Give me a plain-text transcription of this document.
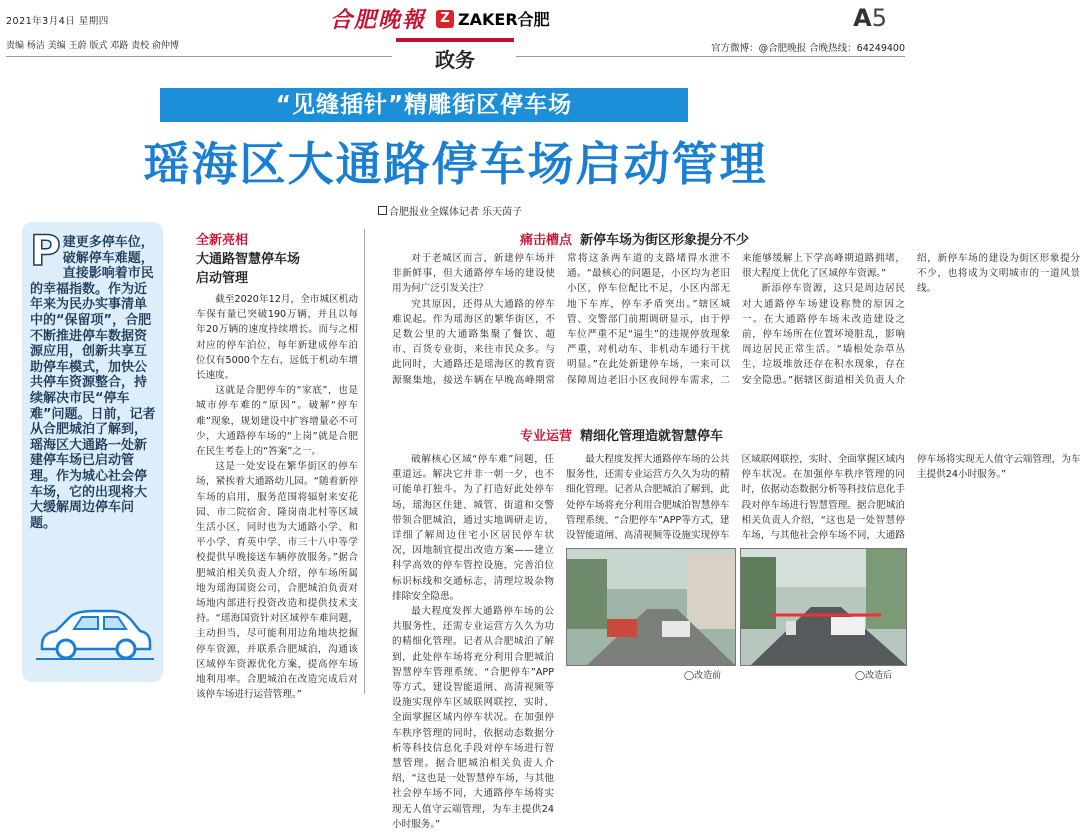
2021年3月4日 星期四	合肥晚報	Z ZAKER合肥	A5
责编 杨洁 美编 王蔚 版式 邓路 责校 俞仲博
政务	官方微博：@合肥晚报 合晚热线：64249400
“见缝插针”精雕街区停车场
瑶海区大通路停车场启动管理
合肥报业全媒体记者 乐天茵子
P 建更多停车位，破解停车难题，直接影响着市民的幸福指数。作为近年来为民办实事清单中的“保留项”，合肥不断推进停车数据资源应用，创新共享互助停车模式，加快公共停车资源整合，持续解决市民“停车难”问题。日前，记者从合肥城泊了解到，瑶海区大通路一处新建停车场已启动管理。作为城心社会停车场，它的出现将大大缓解周边停车问题。
全新亮相
大通路智慧停车场
启动管理

截至2020年12月，全市城区机动车保有量已突破190万辆，并且以每年20万辆的速度持续增长。而与之相对应的停车泊位，每年新建成停车泊位仅有5000个左右，远低于机动车增长速度。

这就是合肥停车的“家底”，也是城市停车难的“原因”。破解“停车难”现象，规划建设中扩容增量必不可少，大通路停车场的“上岗”就是合肥在民生考卷上的“答案”之一。

这是一处安设在繁华街区的停车场，紧挨着大通路幼儿园。“随着新停车场的启用，服务范围将辐射来安花园、市二院宿舍、隆岗南北村等区域生活小区，同时也为大通路小学、和平小学、育英中学、市三十八中等学校提供早晚接送车辆停放服务。”据合肥城泊相关负责人介绍，停车场所属地为瑶海国资公司，合肥城泊负责对场地内部进行投资改造和提供技术支持。“瑶海国资针对区域停车难问题，主动担当，尽可能利用边角地块挖掘停车资源，并联系合肥城泊，沟通该区域停车资源优化方案，提高停车场地利用率。合肥城泊在改造完成后对该停车场进行运营管理。”

痛击槽点 新停车场为街区形象提分不少

对于老城区而言，新建停车场并非新鲜事，但大通路停车场的建设使用为何广泛引发关注？

究其原因，还得从大通路的停车难说起。作为瑶海区的繁华街区，不足数公里的大通路集聚了餐饮、超市、百货专业街，来往市民众多。与此同时，大通路还是瑶海区的教育资源聚集地，接送车辆在早晚高峰期常常将这条两车道的支路堵得水泄不通。“最核心的问题是，小区均为老旧小区，停车位配比不足，小区内部无地下车库，停车矛盾突出。”辖区城管、交警部门前期调研显示，由于停车位严重不足“逼生”的违规停放现象严重，对机动车、非机动车通行干扰明显。”在此处新建停车场，一来可以保障周边老旧小区夜间停车需求，二来能够缓解上下学高峰期道路拥堵，很大程度上优化了区域停车资源。”

新添停车资源，这只是周边居民对大通路停车场建设称赞的原因之一。在大通路停车场未改造建设之前，停车场所在位置坏境脏乱，影响周边居民正常生活。“墙根处杂草丛生，垃圾堆放还存在积水现象，存在安全隐患。”据辖区街道相关负责人介绍，新停车场的建设为街区形象提分不少，也将成为文明城市的一道风景线。

专业运营 精细化管理造就智慧停车

破解核心区域“停车难”问题，任重道远。解决它并非一朝一夕，也不可能单打独斗。为了打造好此处停车场，瑶海区住建、城管、街道和交警带领合肥城泊，通过实地调研走访，详细了解周边住宅小区居民停车状况，因地制宜提出改造方案——建立科学高效的停车管控设施，完善泊位标识标线和交通标志，清理垃圾杂物排除安全隐患。

最大程度发挥大通路停车场的公共服务性，还需专业运营方久久为功的精细化管理。记者从合肥城泊了解到，此处停车场将充分利用合肥城泊智慧停车管理系统、“合肥停车”APP等方式，建设智能道闸、高清视频等设施实现停车区域联网联控，实时、全面掌握区域内停车状况。在加强停车秩序管理的同时，依据动态数据分析等科技信息化手段对停车场进行智慧管理。据合肥城泊相关负责人介绍，“这也是一处智慧停车场，与其他社会停车场不同，大通路停车场将实现无人值守云端管理，为车主提供24小时服务。”

最大程度发挥大通路停车场的公共服务性，还需专业运营方久久为功的精细化管理。记者从合肥城泊了解到，此处停车场将充分利用合肥城泊智慧停车管理系统、“合肥停车”APP等方式，建设智能道闸、高清视频等设施实现停车区域联网联控，实时、全面掌握区域内停车状况。在加强停车秩序管理的同时，依据动态数据分析等科技信息化手段对停车场进行智慧管理。据合肥城泊相关负责人介绍，“这也是一处智慧停车场，与其他社会停车场不同，大通路停车场将实现无人值守云端管理，为车主提供24小时服务。”

◯改造前	◯改造后
